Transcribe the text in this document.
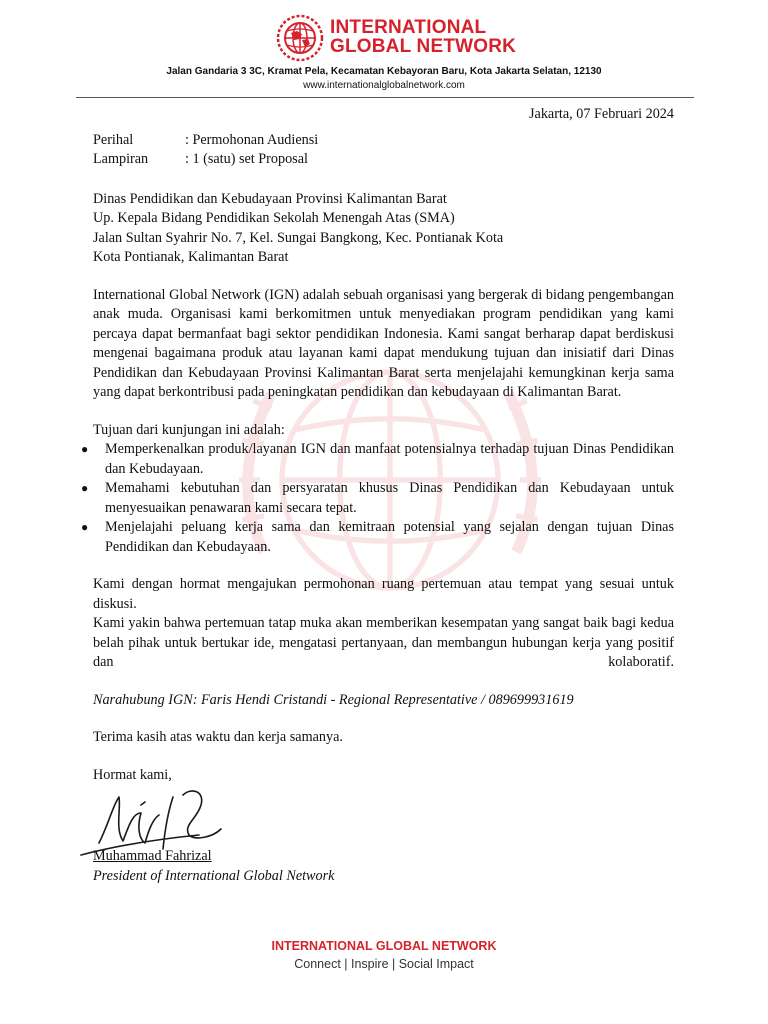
INTERNATIONAL
GLOBAL NETWORK
Jalan Gandaria 3 3C, Kramat Pela, Kecamatan Kebayoran Baru, Kota Jakarta Selatan, 12130
www.internationalglobalnetwork.com
Jakarta, 07 Februari 2024
Perihal	: Permohonan Audiensi
Lampiran	: 1 (satu) set Proposal
Dinas Pendidikan dan Kebudayaan Provinsi Kalimantan Barat
Up. Kepala Bidang Pendidikan Sekolah Menengah Atas (SMA)
Jalan Sultan Syahrir No. 7, Kel. Sungai Bangkong, Kec. Pontianak Kota
Kota Pontianak, Kalimantan Barat
International Global Network (IGN) adalah sebuah organisasi yang bergerak di bidang pengembangan anak muda. Organisasi kami berkomitmen untuk menyediakan program pendidikan yang kami percaya dapat bermanfaat bagi sektor pendidikan Indonesia. Kami sangat berharap dapat berdiskusi mengenai bagaimana produk atau layanan kami dapat mendukung tujuan dan inisiatif dari Dinas Pendidikan dan Kebudayaan Provinsi Kalimantan Barat serta menjelajahi kemungkinan kerja sama yang dapat berkontribusi pada peningkatan pendidikan dan kebudayaan di Kalimantan Barat.
Tujuan dari kunjungan ini adalah:
●	Memperkenalkan produk/layanan IGN dan manfaat potensialnya terhadap tujuan Dinas Pendidikan dan Kebudayaan.
●	Memahami kebutuhan dan persyaratan khusus Dinas Pendidikan dan Kebudayaan untuk menyesuaikan penawaran kami secara tepat.
●	Menjelajahi peluang kerja sama dan kemitraan potensial yang sejalan dengan tujuan Dinas Pendidikan dan Kebudayaan.
Kami dengan hormat mengajukan permohonan ruang pertemuan atau tempat yang sesuai untuk diskusi.
Kami yakin bahwa pertemuan tatap muka akan memberikan kesempatan yang sangat baik bagi kedua belah pihak untuk bertukar ide, mengatasi pertanyaan, dan membangun hubungan kerja yang positif dan kolaboratif.
Narahubung IGN: Faris Hendi Cristandi - Regional Representative / 089699931619
Terima kasih atas waktu dan kerja samanya.
Hormat kami,
Muhammad Fahrizal
President of International Global Network
INTERNATIONAL GLOBAL NETWORK
Connect | Inspire | Social Impact
